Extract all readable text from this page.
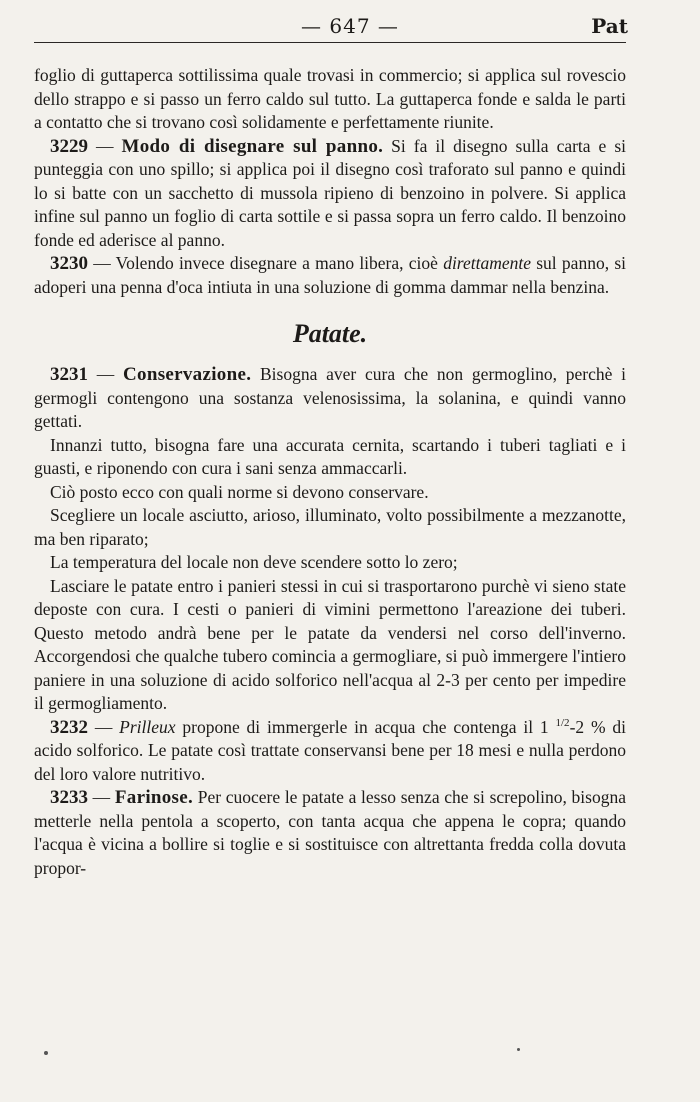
— 647 —	Pat

foglio di guttaperca sottilissima quale trovasi in commercio; si applica sul rovescio dello strappo e si passo un ferro caldo sul tutto. La guttaperca fonde e salda le parti a contatto che si trovano così solidamente e perfettamente riunite.

3229 — Modo di disegnare sul panno. Si fa il disegno sulla carta e si punteggia con uno spillo; si applica poi il disegno così traforato sul panno e quindi lo si batte con un sacchetto di mussola ripieno di benzoino in polvere. Si applica infine sul panno un foglio di carta sottile e si passa sopra un ferro caldo. Il benzoino fonde ed aderisce al panno.

3230 — Volendo invece disegnare a mano libera, cioè direttamente sul panno, si adoperi una penna d'oca intiuta in una soluzione di gomma dammar nella benzina.

Patate.

3231 — Conservazione. Bisogna aver cura che non germoglino, perchè i germogli contengono una sostanza velenosissima, la solanina, e quindi vanno gettati.

Innanzi tutto, bisogna fare una accurata cernita, scartando i tuberi tagliati e i guasti, e riponendo con cura i sani senza ammaccarli.

Ciò posto ecco con quali norme si devono conservare.

Scegliere un locale asciutto, arioso, illuminato, volto possibilmente a mezzanotte, ma ben riparato;

La temperatura del locale non deve scendere sotto lo zero;

Lasciare le patate entro i panieri stessi in cui si trasportarono purchè vi sieno state deposte con cura. I cesti o panieri di vimini permettono l'areazione dei tuberi. Questo metodo andrà bene per le patate da vendersi nel corso dell'inverno. Accorgendosi che qualche tubero comincia a germogliare, si può immergere l'intiero paniere in una soluzione di acido solforico nell'acqua al 2-3 per cento per impedire il germogliamento.

3232 — Prilleux propone di immergerle in acqua che contenga il 1 $^{1/2}$-2 % di acido solforico. Le patate così trattate conservansi bene per 18 mesi e nulla perdono del loro valore nutritivo.

3233 — Farinose. Per cuocere le patate a lesso senza che si screpolino, bisogna metterle nella pentola a scoperto, con tanta acqua che appena le copra; quando l'acqua è vicina a bollire si toglie e si sostituisce con altrettanta fredda colla dovuta propor-
